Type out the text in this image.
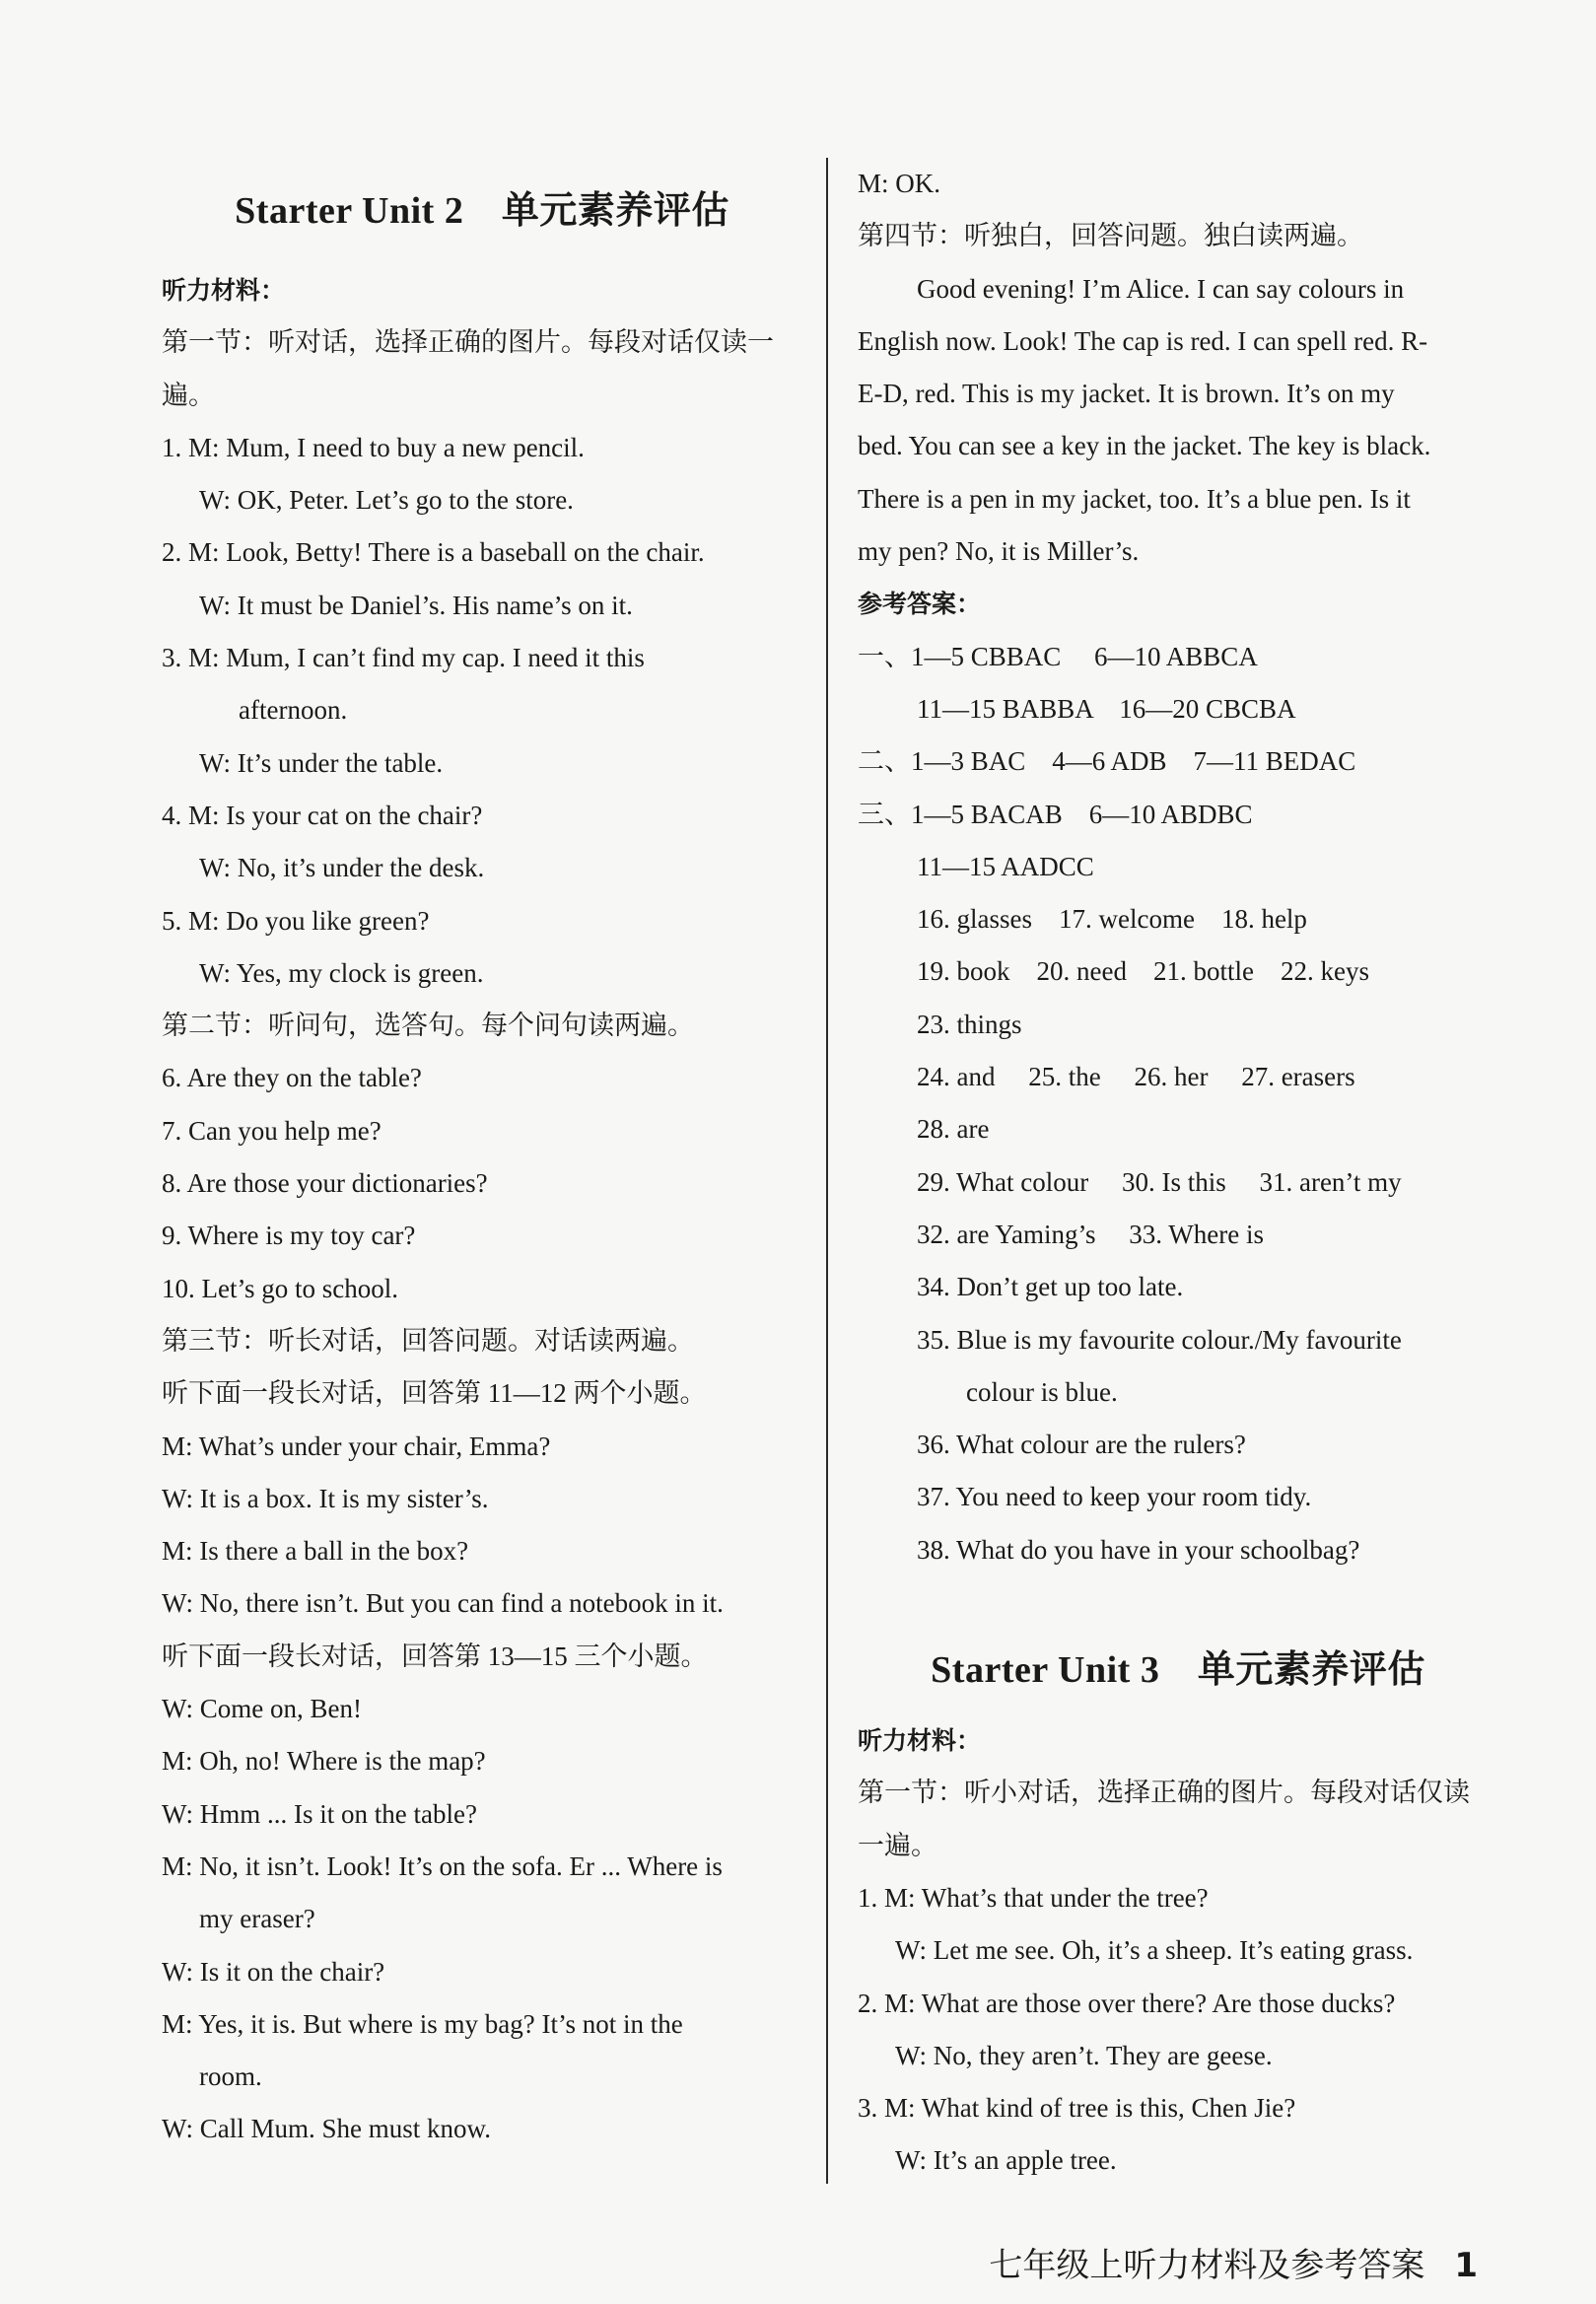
Starter Unit 2　单元素养评估
听力材料：
第一节：听对话，选择正确的图片。每段对话仅读一
遍。
1. M: Mum, I need to buy a new pencil.
W: OK, Peter. Let’s go to the store.
2. M: Look, Betty! There is a baseball on the chair.
W: It must be Daniel’s. His name’s on it.
3. M: Mum, I can’t find my cap. I need it this
afternoon.
W: It’s under the table.
4. M: Is your cat on the chair?
W: No, it’s under the desk.
5. M: Do you like green?
W: Yes, my clock is green.
第二节：听问句，选答句。每个问句读两遍。
6. Are they on the table?
7. Can you help me?
8. Are those your dictionaries?
9. Where is my toy car?
10. Let’s go to school.
第三节：听长对话，回答问题。对话读两遍。
听下面一段长对话，回答第 11—12 两个小题。
M: What’s under your chair, Emma?
W: It is a box. It is my sister’s.
M: Is there a ball in the box?
W: No, there isn’t. But you can find a notebook in it.
听下面一段长对话，回答第 13—15 三个小题。
W: Come on, Ben!
M: Oh, no! Where is the map?
W: Hmm ... Is it on the table?
M: No, it isn’t. Look! It’s on the sofa. Er ... Where is
my eraser?
W: Is it on the chair?
M: Yes, it is. But where is my bag? It’s not in the
room.
W: Call Mum. She must know.
M: OK.
第四节：听独白，回答问题。独白读两遍。
Good evening! I’m Alice. I can say colours in
English now. Look! The cap is red. I can spell red. R-
E-D, red. This is my jacket. It is brown. It’s on my
bed. You can see a key in the jacket. The key is black.
There is a pen in my jacket, too. It’s a blue pen. Is it
my pen? No, it is Miller’s.
参考答案：
一、1—5 CBBAC　 6—10 ABBCA
11—15 BABBA　16—20 CBCBA
二、1—3 BAC　4—6 ADB　7—11 BEDAC
三、1—5 BACAB　6—10 ABDBC
11—15 AADCC
16. glasses　17. welcome　18. help
19. book　20. need　21. bottle　22. keys
23. things
24. and　 25. the　 26. her　 27. erasers
28. are
29. What colour　 30. Is this　 31. aren’t my
32. are Yaming’s　 33. Where is
34. Don’t get up too late.
35. Blue is my favourite colour./My favourite
colour is blue.
36. What colour are the rulers?
37. You need to keep your room tidy.
38. What do you have in your schoolbag?
Starter Unit 3　单元素养评估
听力材料：
第一节：听小对话，选择正确的图片。每段对话仅读
一遍。
1. M: What’s that under the tree?
W: Let me see. Oh, it’s a sheep. It’s eating grass.
2. M: What are those over there? Are those ducks?
W: No, they aren’t. They are geese.
3. M: What kind of tree is this, Chen Jie?
W: It’s an apple tree.
七年级上听力材料及参考答案 1
